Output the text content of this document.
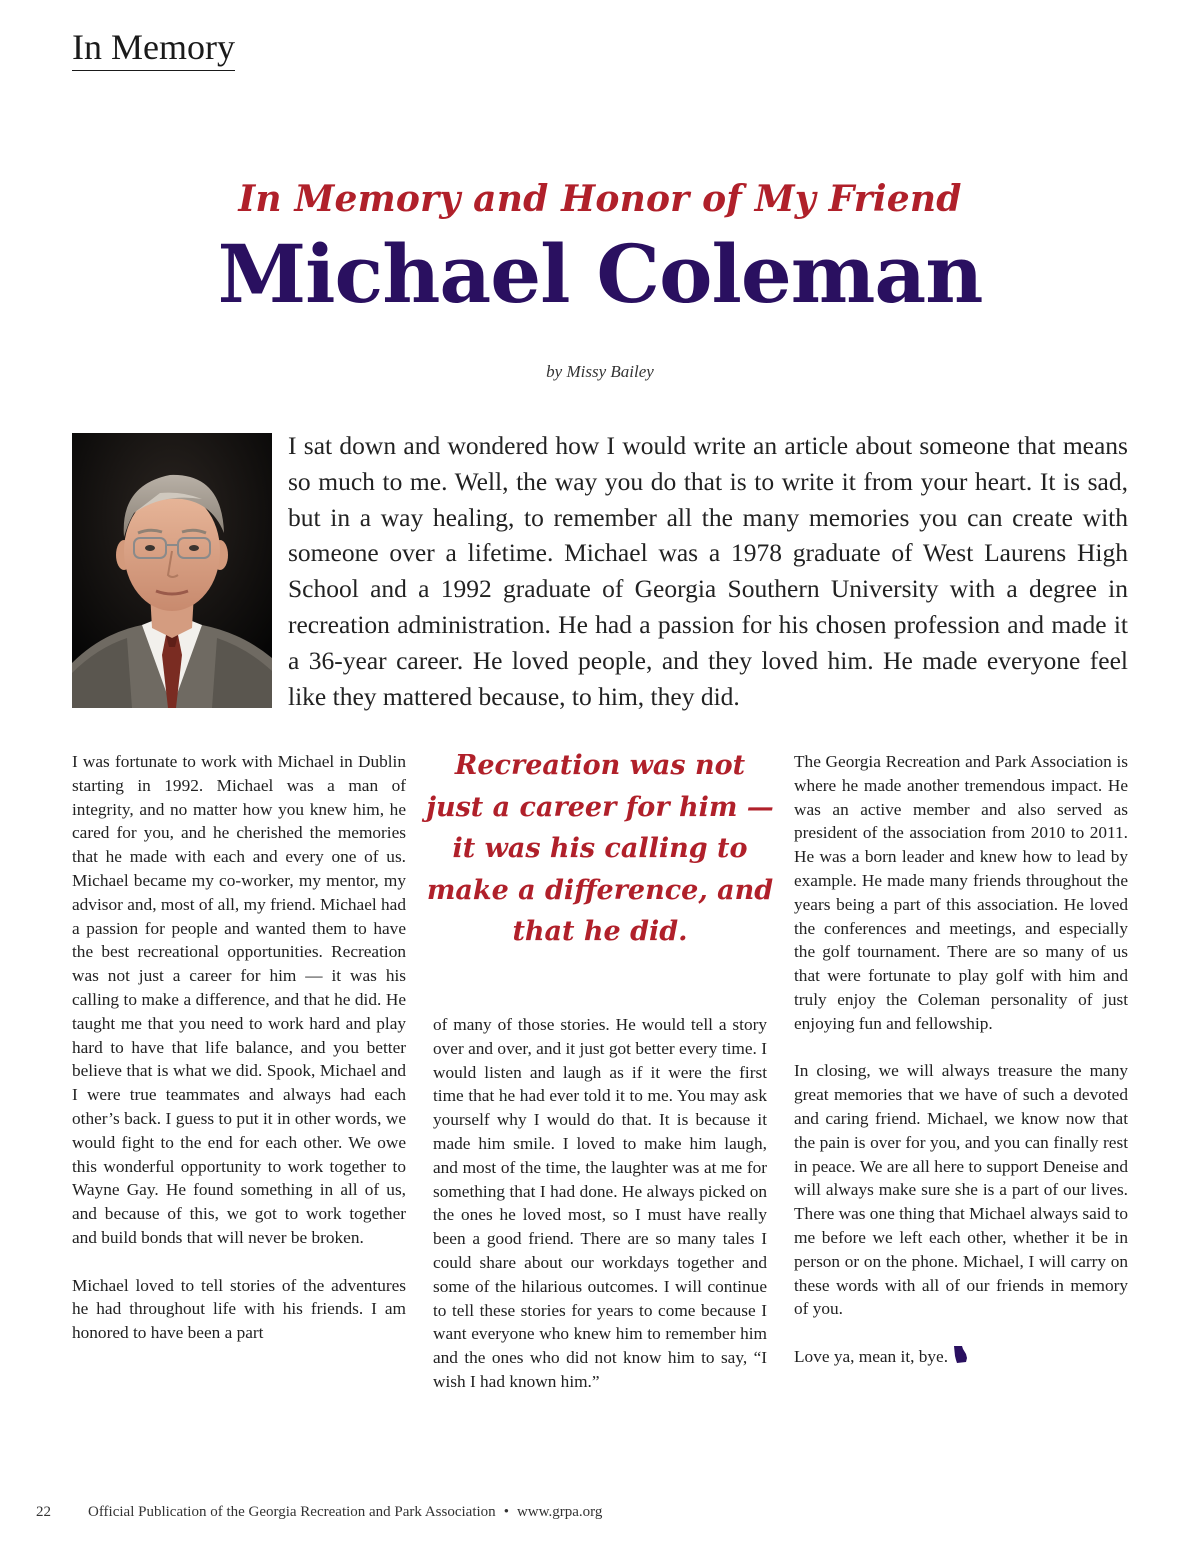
In Memory
In Memory and Honor of My Friend
Michael Coleman
by Missy Bailey

I sat down and wondered how I would write an article about someone that means so much to me. Well, the way you do that is to write it from your heart. It is sad, but in a way healing, to remember all the many memories you can create with someone over a lifetime. Michael was a 1978 graduate of West Laurens High School and a 1992 graduate of Georgia Southern University with a degree in recreation administration. He had a passion for his chosen profession and made it a 36-year career. He loved people, and they loved him. He made everyone feel like they mattered because, to him, they did.

I was fortunate to work with Michael in Dublin starting in 1992. Michael was a man of integrity, and no matter how you knew him, he cared for you, and he cherished the memories that he made with each and every one of us. Michael became my co-worker, my mentor, my advisor and, most of all, my friend. Michael had a passion for people and wanted them to have the best recreational opportunities. Recreation was not just a career for him — it was his calling to make a difference, and that he did. He taught me that you need to work hard and play hard to have that life balance, and you better believe that is what we did. Spook, Michael and I were true teammates and always had each other’s back. I guess to put it in other words, we would fight to the end for each other. We owe this wonderful opportunity to work together to Wayne Gay. He found something in all of us, and because of this, we got to work together and build bonds that will never be broken.

Michael loved to tell stories of the adventures he had throughout life with his friends. I am honored to have been a part

Recreation was not just a career for him — it was his calling to make a difference, and that he did.

of many of those stories. He would tell a story over and over, and it just got better every time. I would listen and laugh as if it were the first time that he had ever told it to me. You may ask yourself why I would do that. It is because it made him smile. I loved to make him laugh, and most of the time, the laughter was at me for something that I had done. He always picked on the ones he loved most, so I must have really been a good friend. There are so many tales I could share about our workdays together and some of the hilarious outcomes. I will continue to tell these stories for years to come because I want everyone who knew him to remember him and the ones who did not know him to say, “I wish I had known him.”

The Georgia Recreation and Park Association is where he made another tremendous impact. He was an active member and also served as president of the association from 2010 to 2011. He was a born leader and knew how to lead by example. He made many friends throughout the years being a part of this association. He loved the conferences and meetings, and especially the golf tournament. There are so many of us that were fortunate to play golf with him and truly enjoy the Coleman personality of just enjoying fun and fellowship.

In closing, we will always treasure the many great memories that we have of such a devoted and caring friend. Michael, we know now that the pain is over for you, and you can finally rest in peace. We are all here to support Deneise and will always make sure she is a part of our lives. There was one thing that Michael always said to me before we left each other, whether it be in person or on the phone. Michael, I will carry on these words with all of our friends in memory of you.

Love ya, mean it, bye.

22 Official Publication of the Georgia Recreation and Park Association • www.grpa.org
